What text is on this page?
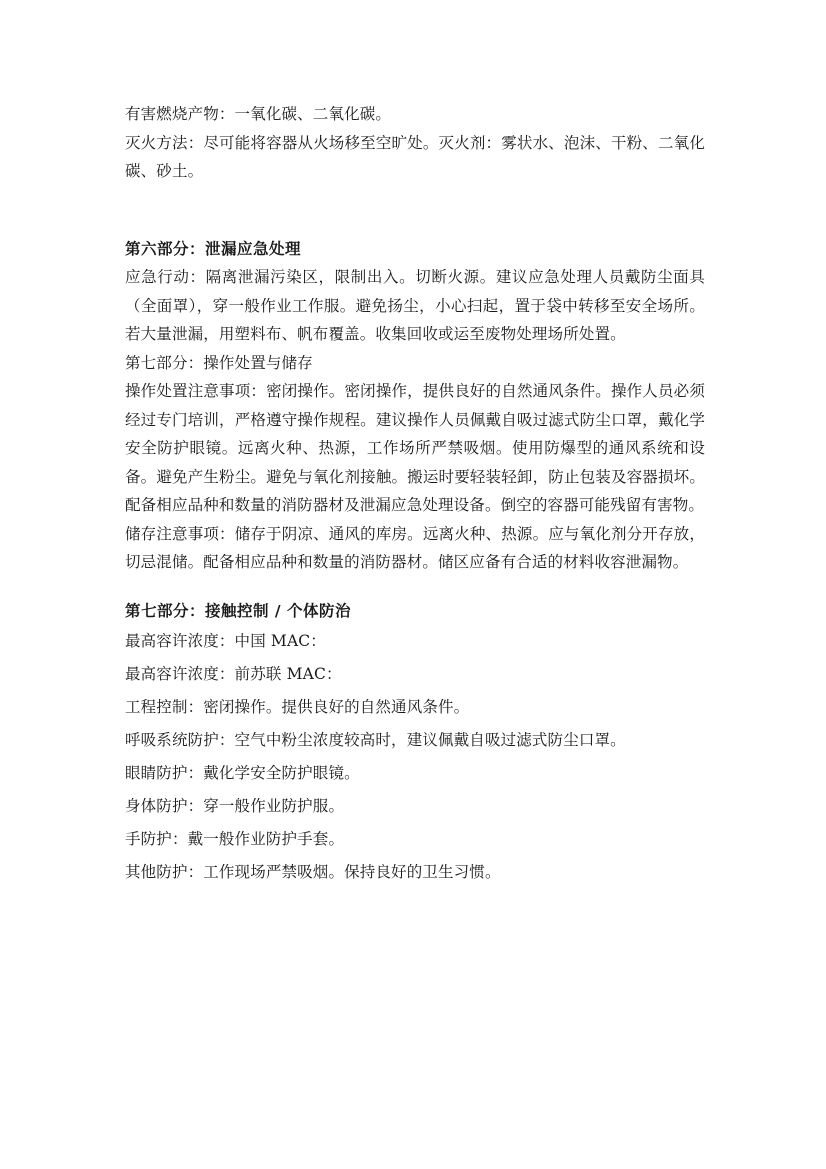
有害燃烧产物：一氧化碳、二氧化碳。

灭火方法：尽可能将容器从火场移至空旷处。灭火剂：雾状水、泡沫、干粉、二氧化碳、砂土。

第六部分：泄漏应急处理

应急行动：隔离泄漏污染区，限制出入。切断火源。建议应急处理人员戴防尘面具（全面罩），穿一般作业工作服。避免扬尘，小心扫起，置于袋中转移至安全场所。若大量泄漏，用塑料布、帆布覆盖。收集回收或运至废物处理场所处置。

第七部分：操作处置与储存

操作处置注意事项：密闭操作。密闭操作，提供良好的自然通风条件。操作人员必须经过专门培训，严格遵守操作规程。建议操作人员佩戴自吸过滤式防尘口罩，戴化学安全防护眼镜。远离火种、热源，工作场所严禁吸烟。使用防爆型的通风系统和设备。避免产生粉尘。避免与氧化剂接触。搬运时要轻装轻卸，防止包装及容器损坏。配备相应品种和数量的消防器材及泄漏应急处理设备。倒空的容器可能残留有害物。

储存注意事项：储存于阴凉、通风的库房。远离火种、热源。应与氧化剂分开存放，切忌混储。配备相应品种和数量的消防器材。储区应备有合适的材料收容泄漏物。

第七部分：接触控制 / 个体防治

最高容许浓度：中国 MAC：

最高容许浓度：前苏联 MAC：

工程控制：密闭操作。提供良好的自然通风条件。

呼吸系统防护：空气中粉尘浓度较高时，建议佩戴自吸过滤式防尘口罩。

眼睛防护：戴化学安全防护眼镜。

身体防护：穿一般作业防护服。

手防护：戴一般作业防护手套。

其他防护：工作现场严禁吸烟。保持良好的卫生习惯。
